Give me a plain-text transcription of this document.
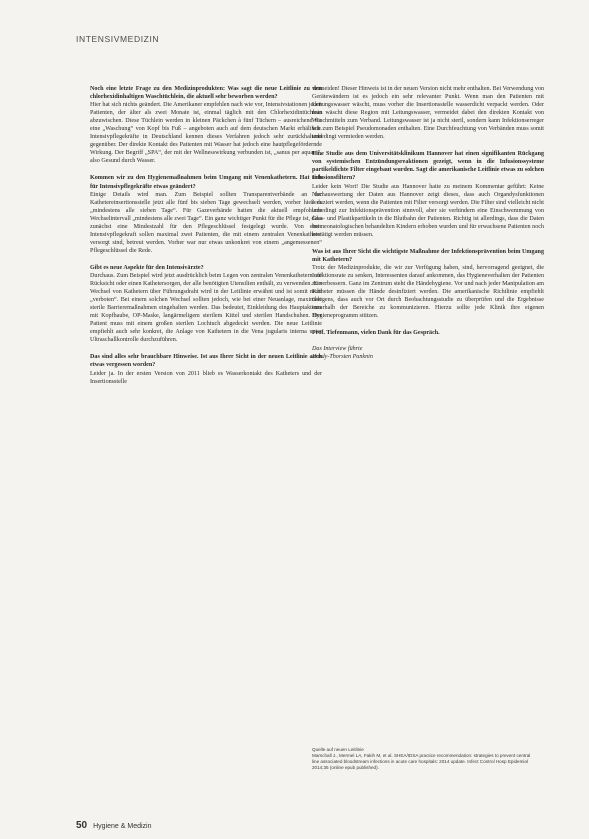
INTENSIVMEDIZIN

Noch eine letzte Frage zu den Medizinprodukten: Was sagt die neue Leitlinie zu den chlorhexidinhaltigen Waschtüchlein, die aktuell sehr beworben werden?

Hier hat sich nichts geändert. Die Amerikaner empfehlen nach wie vor, Intensivstationen jeden Patienten, der älter als zwei Monate ist, einmal täglich mit den Chlorhexidintüchlein abzuwischen. Diese Tüchlein werden in kleinen Päckchen à fünf Tüchern – ausreichend für eine „Waschung“ von Kopf bis Fuß – angeboten auch auf dem deutschen Markt erhältlich. Intensivpflegekräfte in Deutschland kennen dieses Verfahren jedoch sehr zurückhaltend gegenüber. Der direkte Kontakt des Patienten mit Wasser hat jedoch eine hautpflegefördernde Wirkung. Der Begriff „SPA“, der mit der Wellnesswirkung verbunden ist, „sanus per aquam“, also Gesund durch Wasser.

Kommen wir zu den Hygienemaßnahmen beim Umgang mit Venenkathetern. Hat sich für Intensivpflegekräfte etwas geändert?

Einige Details wird man. Zum Beispiel sollten Transparentverbände an der Kathetereinsertionsstelle jetzt alle fünf bis sieben Tage gewechselt werden, vorher hieß es „mindestens alle sieben Tage“. Für Gazeverbände hatten die aktuell empfohlene Wechselintervall „mindestens alle zwei Tage“. Ein ganz wichtiger Punkt für die Pflege ist, dass zunächst eine Mindestzahl für den Pflegeschlüssel festgelegt wurde. Von einer Intensivpflegekraft sollen maximal zwei Patienten, die mit einem zentralen Venenkatheter versorgt sind, betreut werden. Vorher war nur etwas unkonkret von einem „angemessenen“ Pflegeschlüssel die Rede.

Gibt es neue Aspekte für den Intensivärzte?

Durchaus. Zum Beispiel wird jetzt ausdrücklich beim Legen von zentralen Venenkathetern auf Rücksicht oder einen Kathetersorgen, der alle benötigten Utensilien enthält, zu verwenden. Ein Wechsel von Kathetern über Führungsdraht wird in der Leitlinie erwähnt und ist somit nicht „verboten“. Bei einem solchen Wechsel sollten jedoch, wie bei einer Neuanlage, maximale sterile Barrieremaßnahmen eingehalten werden. Das bedeutet, Einkleidung des Hauptakteurs mit Kopfhaube, OP-Maske, langärmeligem sterilem Kittel und sterilen Handschuhen. Der Patient muss mit einem großen sterilen Lochtuch abgedeckt werden. Die neue Leitlinie empfiehlt auch sehr konkret, die Anlage von Kathetern in die Vena jugularis interna unter Ultraschallkontrolle durchzuführen.

Das sind alles sehr brauchbare Hinweise. Ist aus Ihrer Sicht in der neuen Leitlinie auch etwas vergessen worden?

Leider ja. In der ersten Version von 2011 blieb es Wasserkontakt des Katheters und der Insertionsstelle

vermeiden! Dieser Hinweis ist in der neuen Version nicht mehr enthalten. Bei Verwendung von Gerätewändern ist es jedoch ein sehr relevanter Punkt. Wenn man den Patienten mit Leitungswasser wäscht, muss vorher die Insertionsstelle wasserdicht verpackt werden. Oder man wäscht diese Region mit Leitungswasser, vermeidet dabei den direkten Kontakt von Waschmitteln zum Verband. Leitungswasser ist ja nicht steril, sondern kann Infektionserreger wie zum Beispiel Pseudomonaden enthalten. Eine Durchfeuchtung von Verbänden muss somit unbedingt vermieden werden.

Eine Studie aus dem Universitätsklinikum Hannover hat einen signifikanten Rückgang von systemischen Entzündungsreaktionen gezeigt, wenn in die Infusionssysteme partikeldichte Filter eingebaut wurden. Sagt die amerikanische Leitlinie etwas zu solchen Infusionsfiltern?

Leider kein Wort! Die Studie aus Hannover hatte zu meinem Kommentar geführt: Keine Nachauswertung der Daten aus Hannover zeigt dieses, dass auch Organdysfunktionen reduziert werden, wenn die Patienten mit Filter versorgt werden. Die Filter sind vielleicht nicht unbedingt zur Infektionsprävention sinnvoll, aber sie verhindern eine Einschwemmung von Glas- und Plastikpartikeln in die Blutbahn der Patienten. Richtig ist allerdings, dass die Daten bei neonatologischen behandelten Kindern erhoben wurden und für erwachsene Patienten noch bestätigt werden müssen.

Was ist aus Ihrer Sicht die wichtigste Maßnahme der Infektionsprävention beim Umgang mit Kathetern?

Trotz der Medizinprodukte, die wir zur Verfügung haben, sind, hervorragend geeignet, die Infektionsrate zu senken, Interessenten darauf ankommen, das Hygieneverhalten der Patienten zu verbessern. Ganz im Zentrum steht die Händehygiene. Vor und nach jeder Manipulation am Katheter müssen die Hände desinfiziert werden. Die amerikanische Richtlinie empfiehlt übrigens, dass auch vor Ort durch Beobachtungsstudie zu überprüfen und die Ergebnisse innerhalb der Bereiche zu kommunizieren. Hierzu sollte jede Klinik ihre eigenen Hygieneprogramm stützen.

Prof. Tiefenmann, vielen Dank für das Gespräch.

Das Interview führte

Hardy-Thorsten Panknin

Quelle auf neuen Leitlinie

Marschall J., Mermel LA, Fakih M, et al. SHEA/IDSA practice recommendation: strategies to prevent central line associated bloodstream infections in acute care hospitals: 2014 update. Infect Control Hosp Epidemiol 2014;35 (online epub published).

50 Hygiene & Medizin
